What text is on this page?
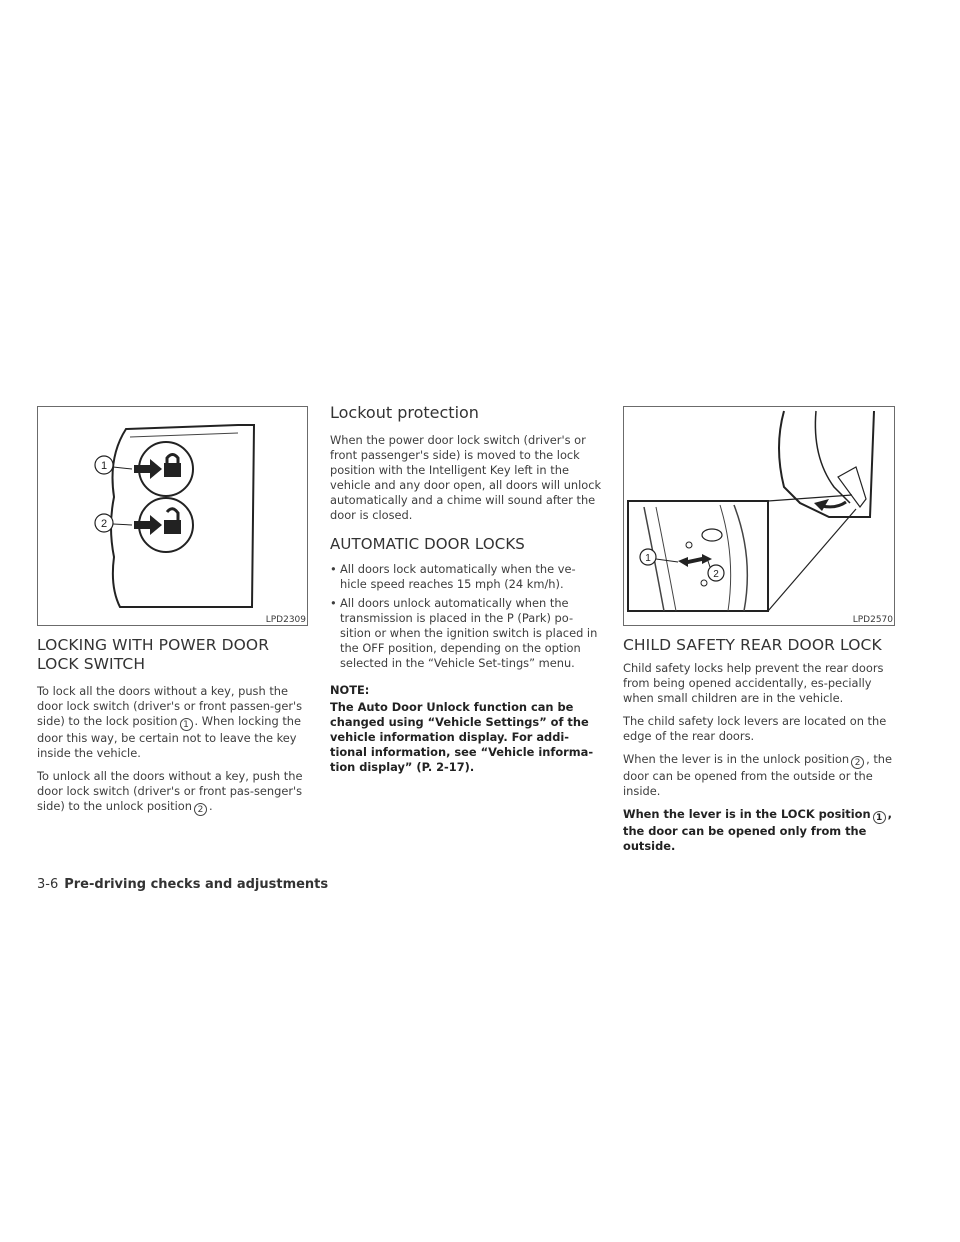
1
2
LPD2309
LOCKING WITH POWER DOOR
LOCK SWITCH

To lock all the doors without a key, push the door lock switch (driver's or front passen-ger's side) to the lock position 1 . When locking the door this way, be certain not to leave the key inside the vehicle.

To unlock all the doors without a key, push the door lock switch (driver's or front pas-senger's side) to the unlock position 2 .

Lockout protection

When the power door lock switch (driver's or front passenger's side) is moved to the lock position with the Intelligent Key left in the vehicle and any door open, all doors will unlock automatically and a chime will sound after the door is closed.

AUTOMATIC DOOR LOCKS
• All doors lock automatically when the ve-hicle speed reaches 15 mph (24 km/h).
• All doors unlock automatically when the transmission is placed in the P (Park) po-sition or when the ignition switch is placed in the OFF position, depending on the option selected in the “Vehicle Set-tings” menu.

NOTE:

The Auto Door Unlock function can be changed using “Vehicle Settings” of the vehicle information display. For addi-tional information, see “Vehicle informa-tion display” (P. 2-17).

1
2
LPD2570
CHILD SAFETY REAR DOOR LOCK

Child safety locks help prevent the rear doors from being opened accidentally, es-pecially when small children are in the vehicle.

The child safety lock levers are located on the edge of the rear doors.

When the lever is in the unlock position 2 , the door can be opened from the outside or the inside.

When the lever is in the LOCK position 1 , the door can be opened only from the outside.

3-6 Pre-driving checks and adjustments
